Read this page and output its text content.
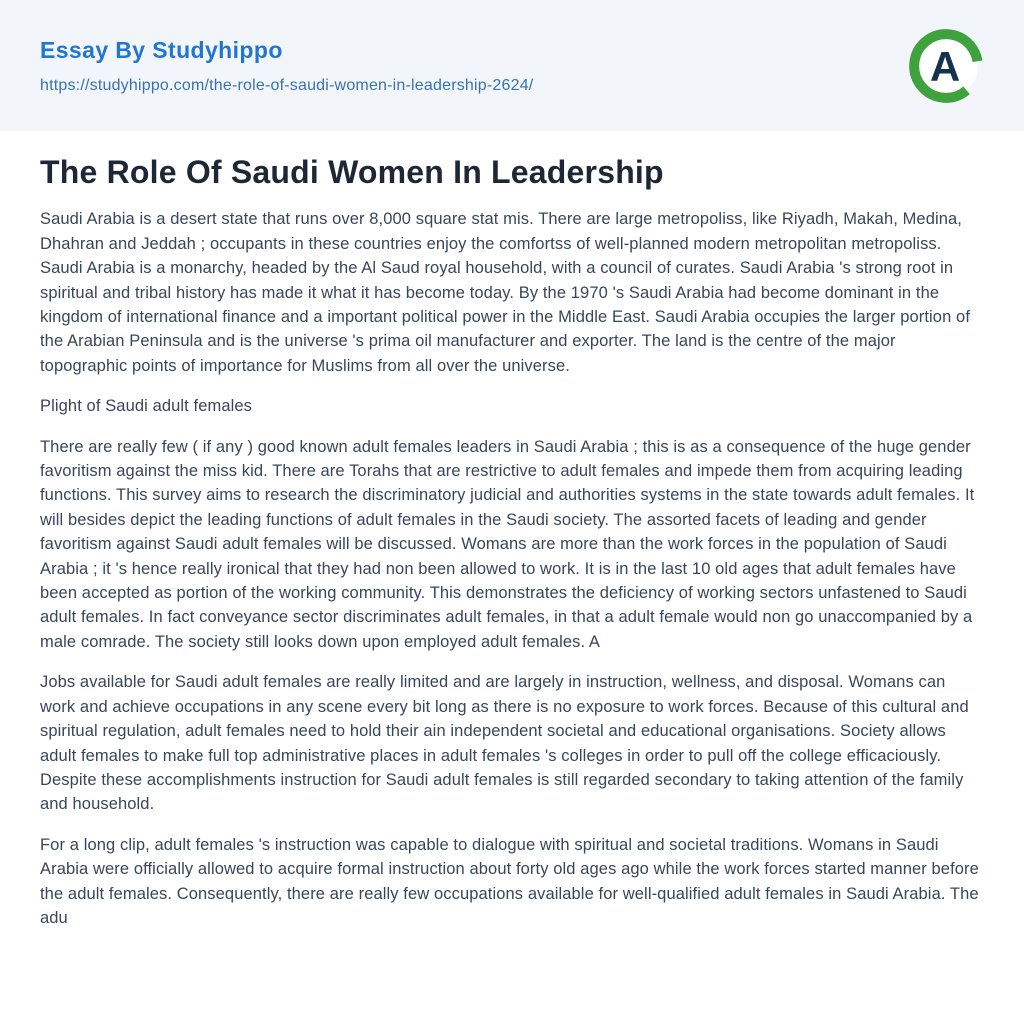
Essay By Studyhippo
https://studyhippo.com/the-role-of-saudi-women-in-leadership-2624/	A
The Role Of Saudi Women In Leadership

Saudi Arabia is a desert state that runs over 8,000 square stat mis. There are large metropoliss, like Riyadh, Makah, Medina, Dhahran and Jeddah ; occupants in these countries enjoy the comfortss of well-planned modern metropolitan metropoliss. Saudi Arabia is a monarchy, headed by the Al Saud royal household, with a council of curates. Saudi Arabia 's strong root in spiritual and tribal history has made it what it has become today. By the 1970 's Saudi Arabia had become dominant in the kingdom of international finance and a important political power in the Middle East. Saudi Arabia occupies the larger portion of the Arabian Peninsula and is the universe 's prima oil manufacturer and exporter. The land is the centre of the major topographic points of importance for Muslims from all over the universe.

Plight of Saudi adult females

There are really few ( if any ) good known adult females leaders in Saudi Arabia ; this is as a consequence of the huge gender favoritism against the miss kid. There are Torahs that are restrictive to adult females and impede them from acquiring leading functions. This survey aims to research the discriminatory judicial and authorities systems in the state towards adult females. It will besides depict the leading functions of adult females in the Saudi society. The assorted facets of leading and gender favoritism against Saudi adult females will be discussed. Womans are more than the work forces in the population of Saudi Arabia ; it 's hence really ironical that they had non been allowed to work. It is in the last 10 old ages that adult females have been accepted as portion of the working community. This demonstrates the deficiency of working sectors unfastened to Saudi adult females. In fact conveyance sector discriminates adult females, in that a adult female would non go unaccompanied by a male comrade. The society still looks down upon employed adult females. A

Jobs available for Saudi adult females are really limited and are largely in instruction, wellness, and disposal. Womans can work and achieve occupations in any scene every bit long as there is no exposure to work forces. Because of this cultural and spiritual regulation, adult females need to hold their ain independent societal and educational organisations. Society allows adult females to make full top administrative places in adult females 's colleges in order to pull off the college efficaciously. Despite these accomplishments instruction for Saudi adult females is still regarded secondary to taking attention of the family and household.

For a long clip, adult females 's instruction was capable to dialogue with spiritual and societal traditions. Womans in Saudi Arabia were officially allowed to acquire formal instruction about forty old ages ago while the work forces started manner before the adult females. Consequently, there are really few occupations available for well-qualified adult females in Saudi Arabia. The adu
